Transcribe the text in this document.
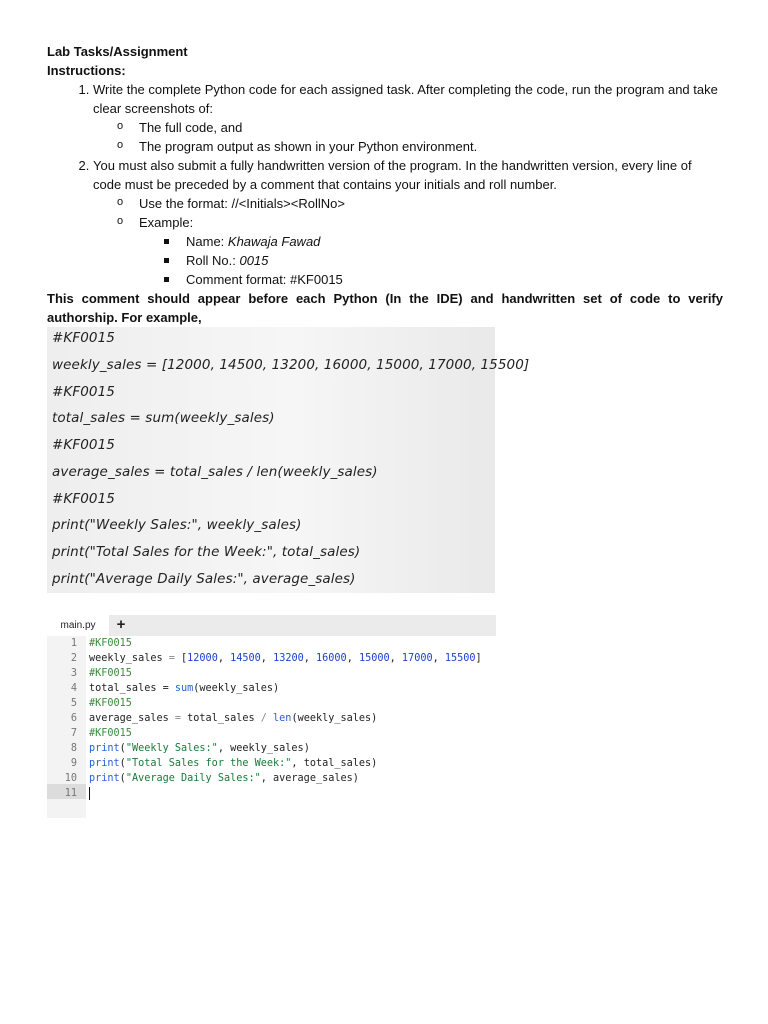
Lab Tasks/Assignment
Instructions:
1. Write the complete Python code for each assigned task. After completing the code, run the program and take clear screenshots of:
o The full code, and
o The program output as shown in your Python environment.
2. You must also submit a fully handwritten version of the program. In the handwritten version, every line of code must be preceded by a comment that contains your initials and roll number.
o Use the format: //<Initials><RollNo>
o Example:
Name: Khawaja Fawad
Roll No.: 0015
Comment format: #KF0015
This comment should appear before each Python (In the IDE) and handwritten set of code to verify authorship. For example,
#KF0015
weekly_sales = [12000, 14500, 13200, 16000, 15000, 17000, 15500]
#KF0015
total_sales = sum(weekly_sales)
#KF0015
average_sales = total_sales / len(weekly_sales)
#KF0015
print("Weekly Sales:", weekly_sales)
print("Total Sales for the Week:", total_sales)
print("Average Daily Sales:", average_sales)
main.py	+
1 #KF0015
2 weekly_sales = [12000, 14500, 13200, 16000, 15000, 17000, 15500]
3 #KF0015
4 total_sales = sum(weekly_sales)
5 #KF0015
6 average_sales = total_sales / len(weekly_sales)
7 #KF0015
8 print("Weekly Sales:", weekly_sales)
9 print("Total Sales for the Week:", total_sales)
10 print("Average Daily Sales:", average_sales)
11
